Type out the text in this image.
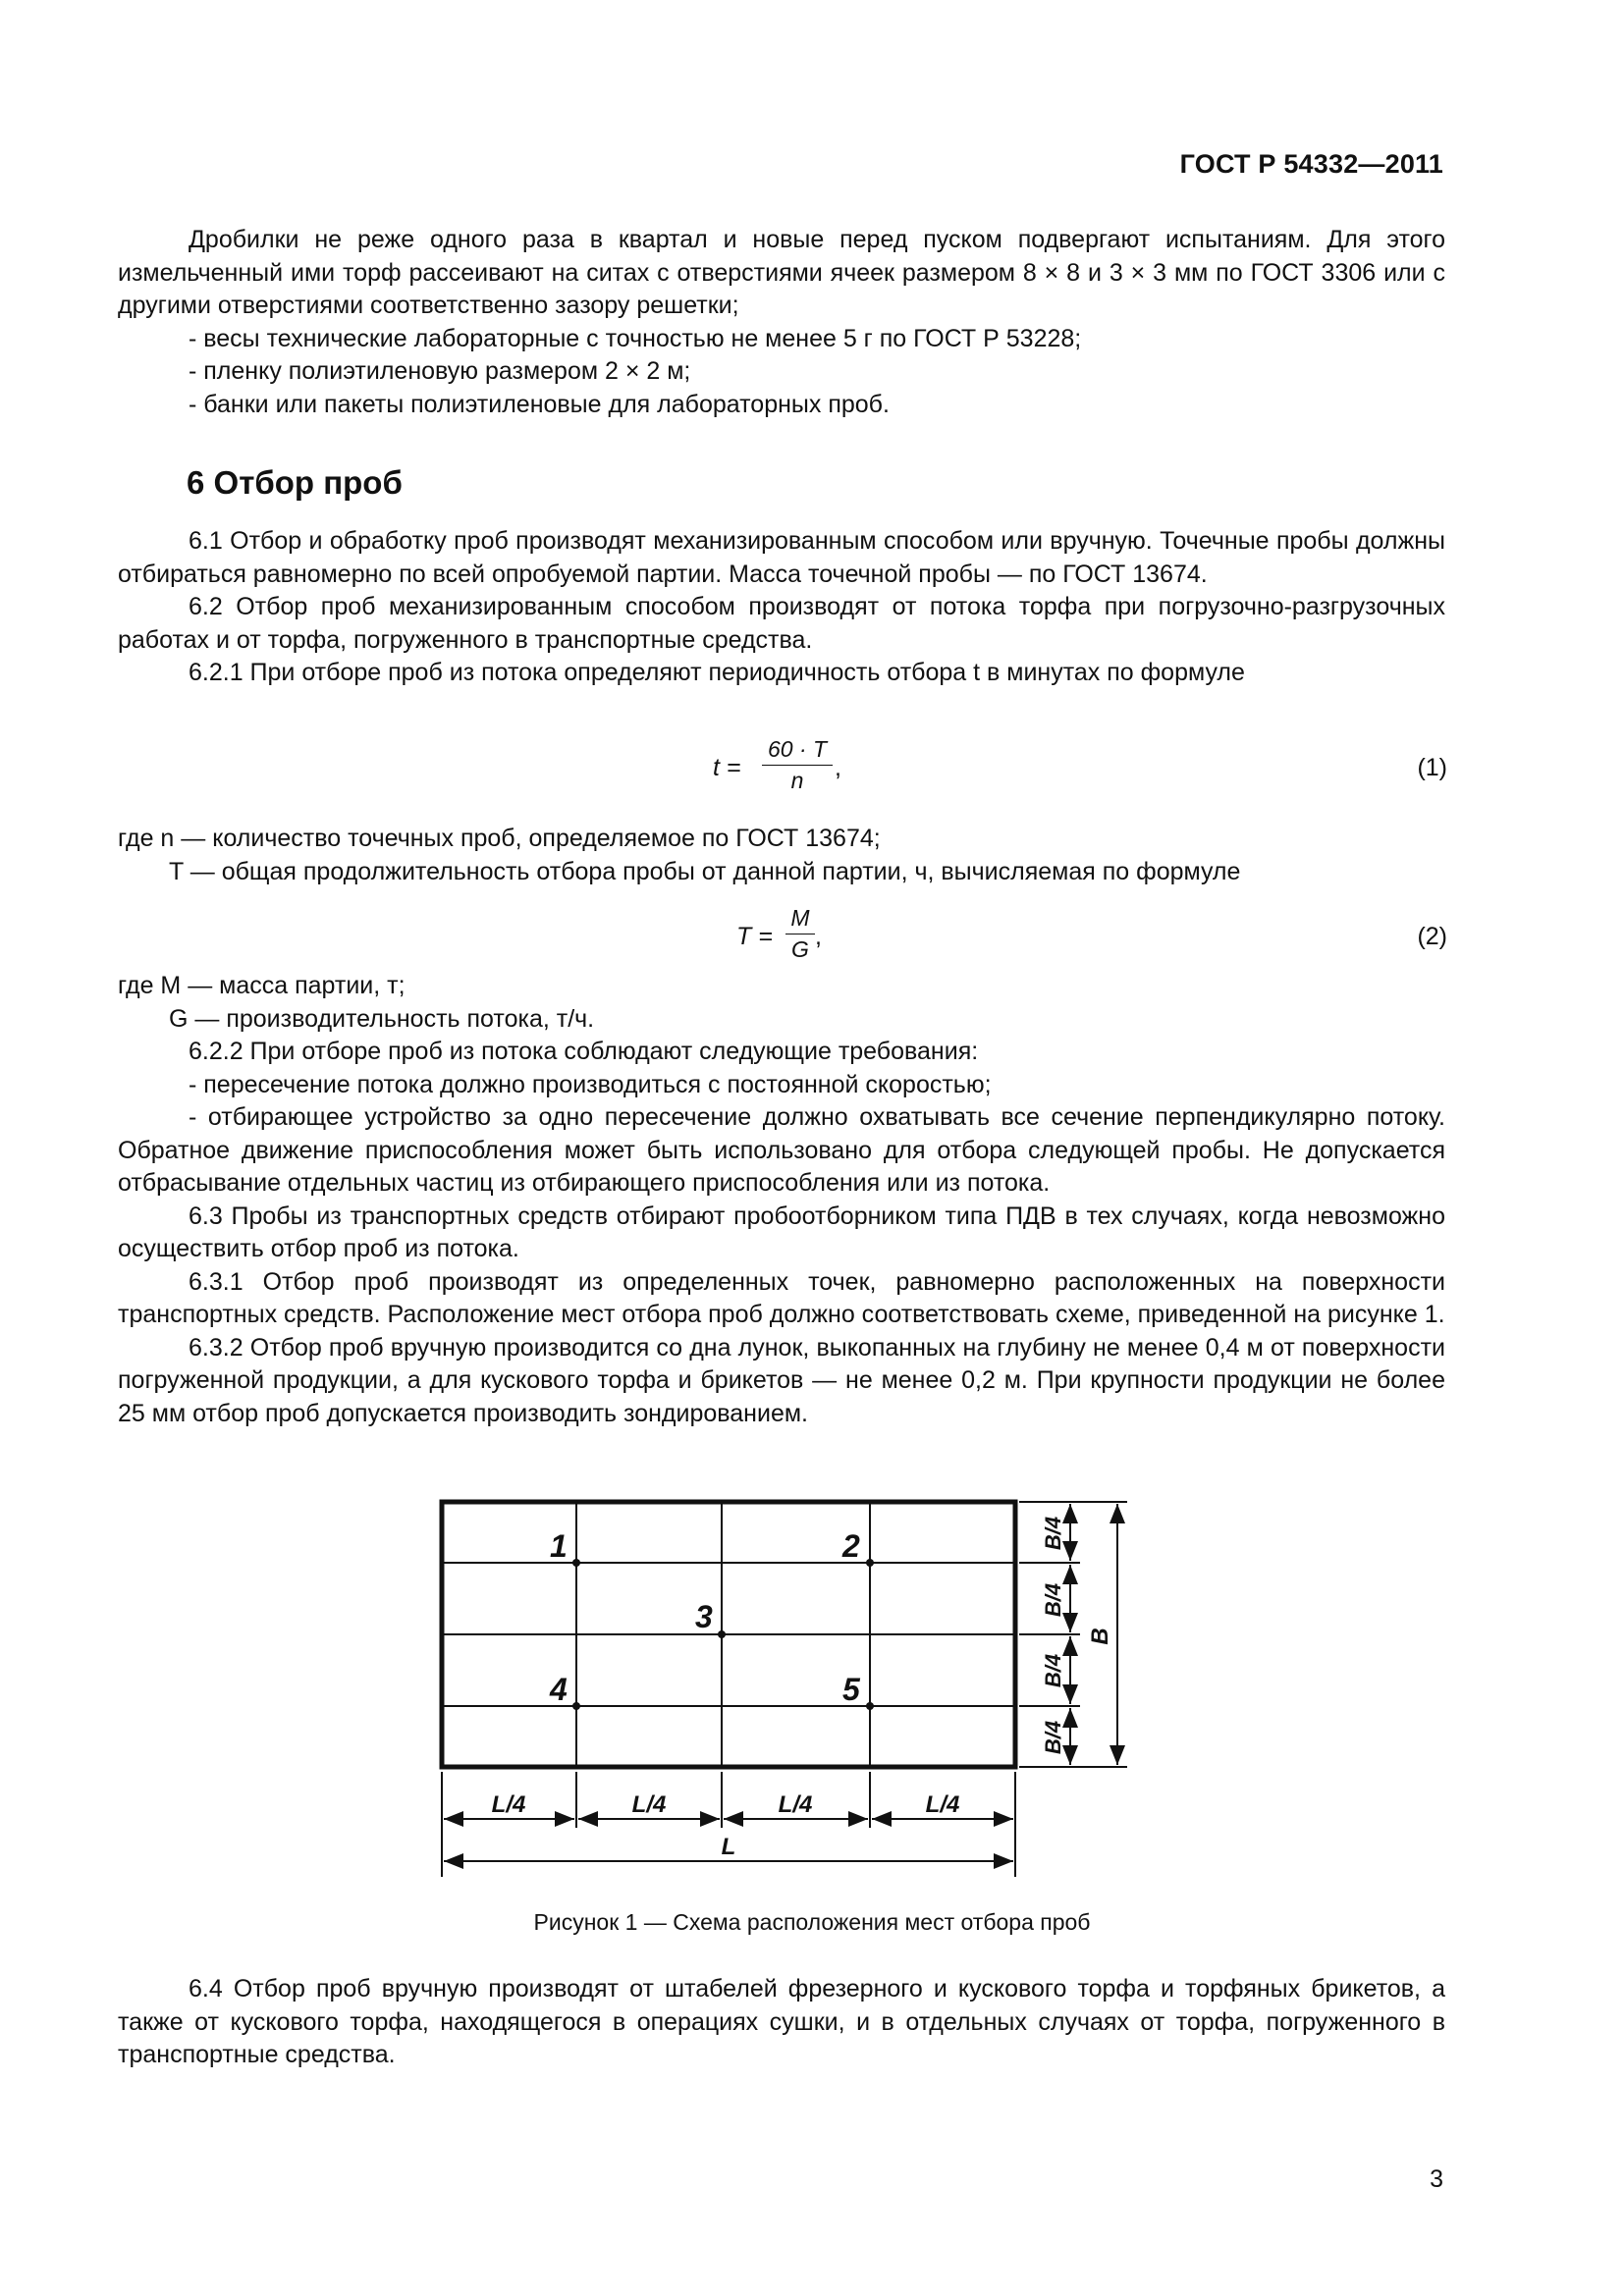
ГОСТ Р 54332—2011

Дробилки не реже одного раза в квартал и новые перед пуском подвергают испытаниям. Для этого измельченный ими торф рассеивают на ситах с отверстиями ячеек размером 8 × 8 и 3 × 3 мм по ГОСТ 3306 или с другими отверстиями соответственно зазору решетки;

- весы технические лабораторные с точностью не менее 5 г по ГОСТ Р 53228;

- пленку полиэтиленовую размером 2 × 2 м;

- банки или пакеты полиэтиленовые для лабораторных проб.

6 Отбор проб

6.1 Отбор и обработку проб производят механизированным способом или вручную. Точечные пробы должны отбираться равномерно по всей опробуемой партии. Масса точечной пробы — по ГОСТ 13674.

6.2 Отбор проб механизированным способом производят от потока торфа при погрузочно-разгрузочных работах и от торфа, погруженного в транспортные средства.

6.2.1 При отборе проб из потока определяют периодичность отбора t в минутах по формуле

t =
60 · T
n	,	(1)

где n — количество точечных проб, определяемое по ГОСТ 13674;

T — общая продолжительность отбора пробы от данной партии, ч, вычисляемая по формуле

T =
M
G ,	(2)

где M — масса партии, т;

G — производительность потока, т/ч.

6.2.2 При отборе проб из потока соблюдают следующие требования:

- пересечение потока должно производиться с постоянной скоростью;

- отбирающее устройство за одно пересечение должно охватывать все сечение перпендикулярно потоку. Обратное движение приспособления может быть использовано для отбора следующей пробы. Не допускается отбрасывание отдельных частиц из отбирающего приспособления или из потока.

6.3 Пробы из транспортных средств отбирают пробоотборником типа ПДВ в тех случаях, когда невозможно осуществить отбор проб из потока.

6.3.1 Отбор проб производят из определенных точек, равномерно расположенных на поверхности транспортных средств. Расположение мест отбора проб должно соответствовать схеме, приведенной на рисунке 1.

6.3.2 Отбор проб вручную производится со дна лунок, выкопанных на глубину не менее 0,4 м от поверхности погруженной продукции, а для кускового торфа и брикетов — не менее 0,2 м. При крупности продукции не более 25 мм отбор проб допускается производить зондированием.

1	2
3
4	5
L/4	L/4	L/4	L/4
L
B/4
B/4
B/4
B/4
B
Рисунок 1 — Схема расположения мест отбора проб

6.4 Отбор проб вручную производят от штабелей фрезерного и кускового торфа и торфяных брикетов, а также от кускового торфа, находящегося в операциях сушки, и в отдельных случаях от торфа, погруженного в транспортные средства.

3
